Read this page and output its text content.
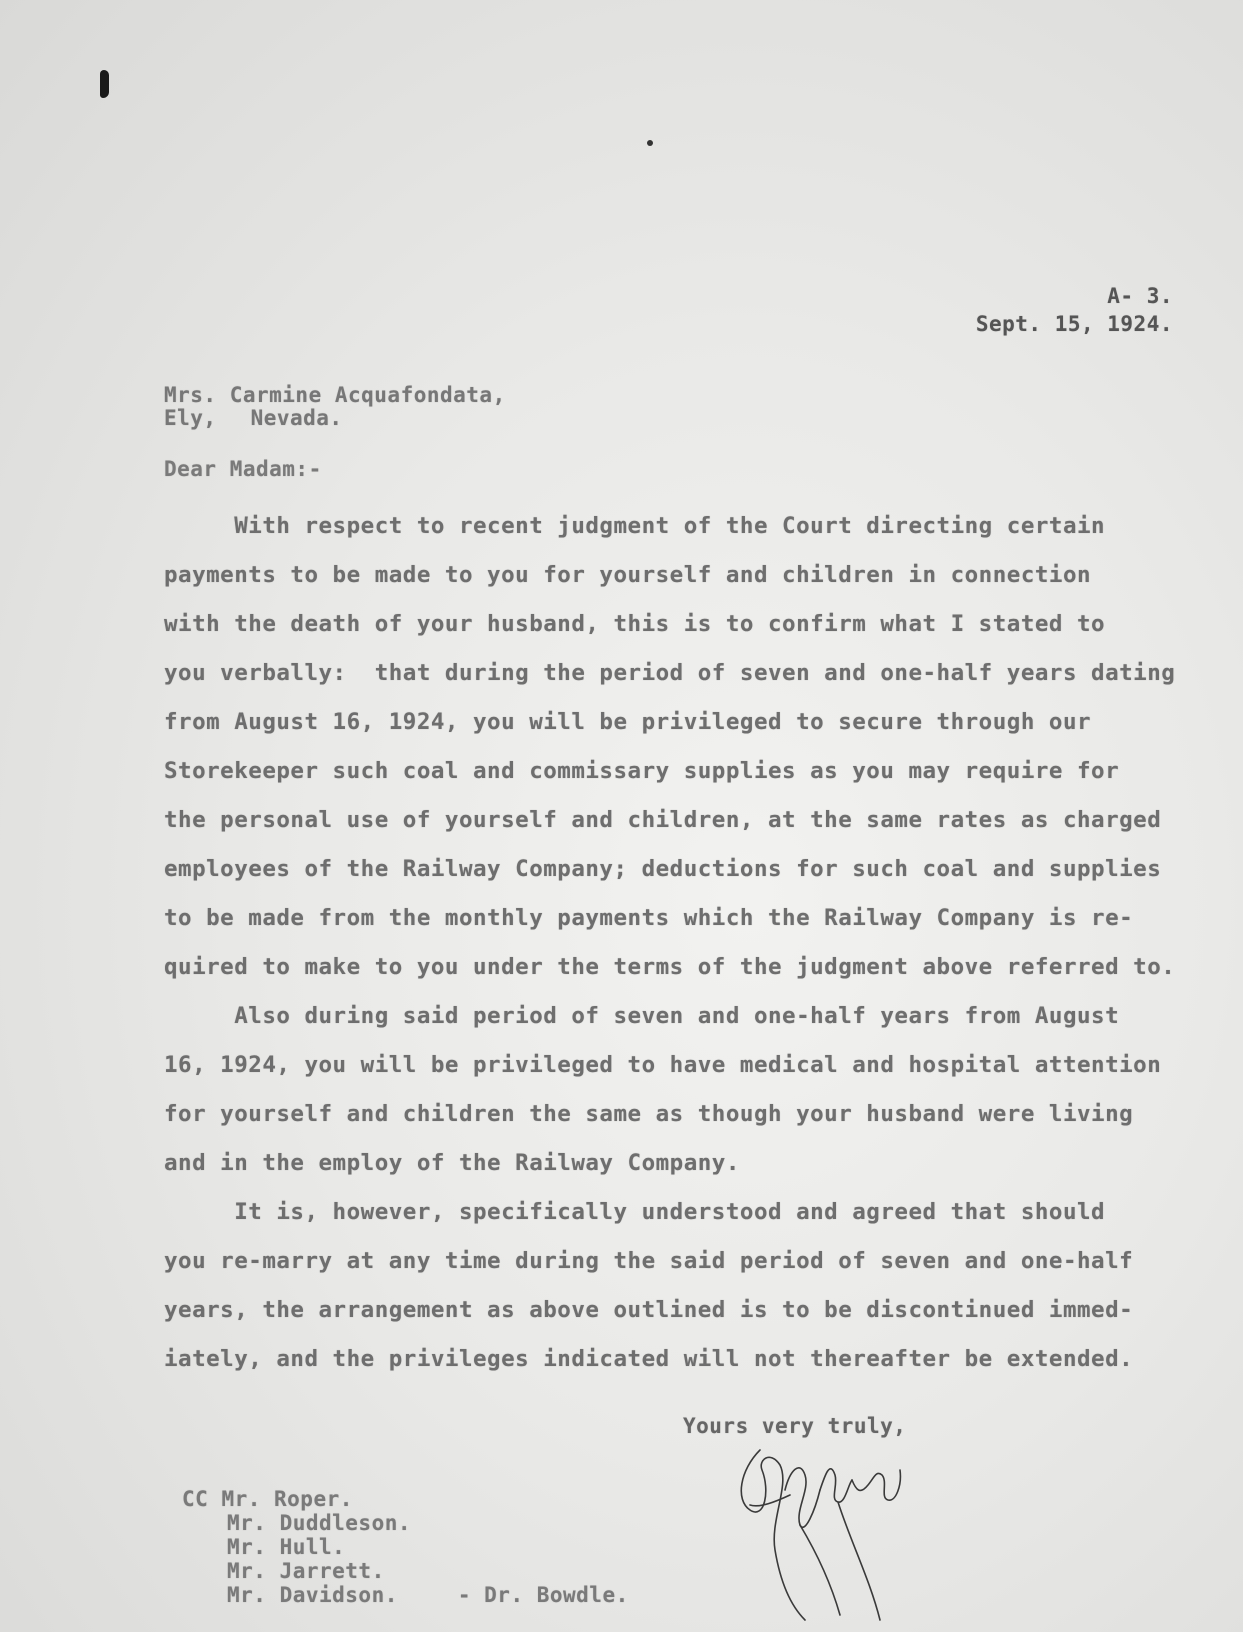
A- 3.
Sept. 15, 1924.
Mrs. Carmine Acquafondata,
Ely, Nevada.
Dear Madam:-
With respect to recent judgment of the Court directing certain
payments to be made to you for yourself and children in connection
with the death of your husband, this is to confirm what I stated to
you verbally:  that during the period of seven and one-half years dating
from August 16, 1924, you will be privileged to secure through our
Storekeeper such coal and commissary supplies as you may require for
the personal use of yourself and children, at the same rates as charged
employees of the Railway Company; deductions for such coal and supplies
to be made from the monthly payments which the Railway Company is re-
quired to make to you under the terms of the judgment above referred to.
Also during said period of seven and one-half years from August
16, 1924, you will be privileged to have medical and hospital attention
for yourself and children the same as though your husband were living
and in the employ of the Railway Company.
It is, however, specifically understood and agreed that should
you re-marry at any time during the said period of seven and one-half
years, the arrangement as above outlined is to be discontinued immed-
iately, and the privileges indicated will not thereafter be extended.
Yours very truly,
CC Mr. Roper.
Mr. Duddleson.
Mr. Hull.
Mr. Jarrett.
Mr. Davidson.	- Dr. Bowdle.
